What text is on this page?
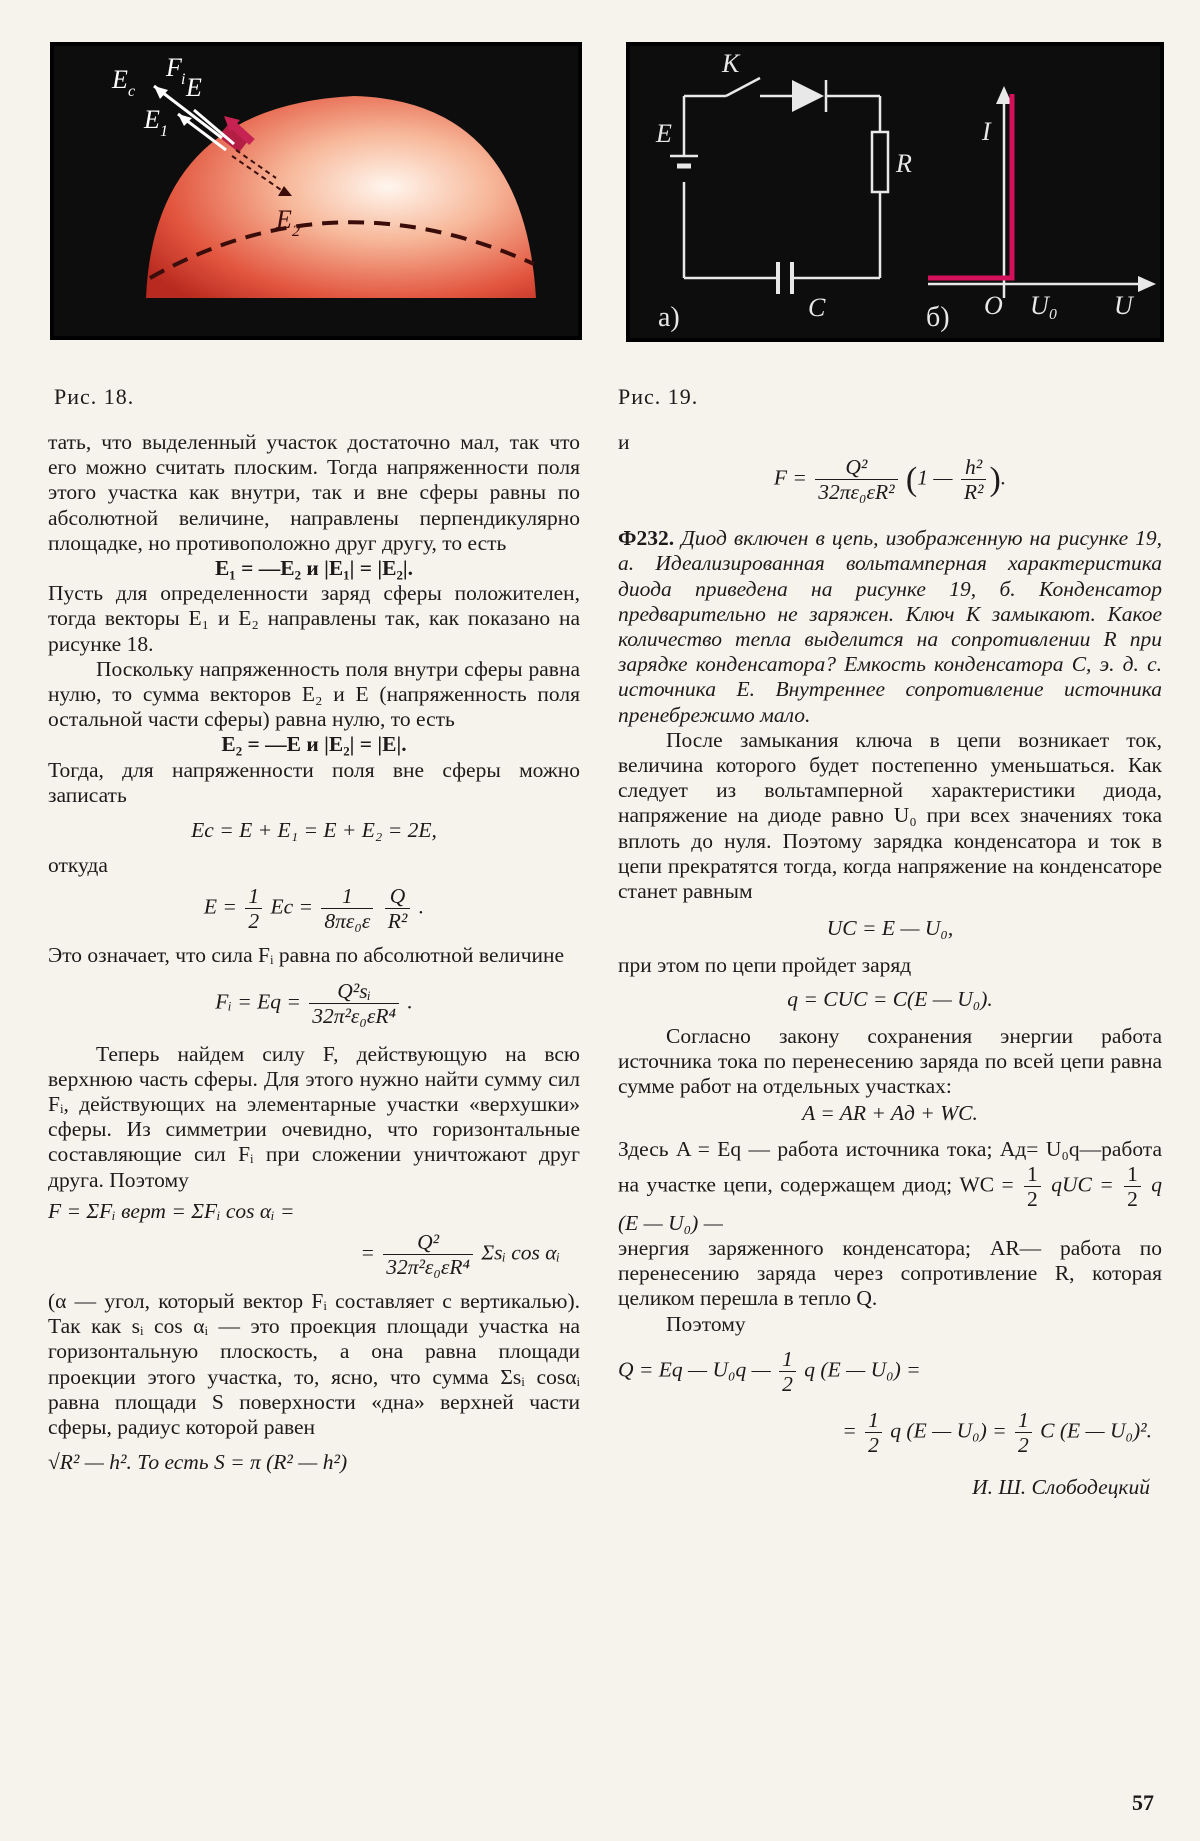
E c
F i E
E 1
E 2
Рис. 18.
K
E
R
C
I
O U₀ U
a)	б)
Рис. 19.

тать, что выделенный участок достаточно мал, так что его можно считать плоским. Тогда напряженности поля этого участка как внутри, так и вне сферы равны по абсолютной величине, направлены перпендикулярно площадке, но противоположно друг другу, то есть

E₁ = —E₂ и |E₁| = |E₂|.

Пусть для определенности заряд сферы положителен, тогда векторы E₁ и E₂ направлены так, как показано на рисунке 18.

Поскольку напряженность поля внутри сферы равна нулю, то сумма векторов E₂ и E (напряженность поля остальной части сферы) равна нулю, то есть

E₂ = —E и |E₂| = |E|.

Тогда, для напряженности поля вне сферы можно записать

Eс = E + E₁ = E + E₂ = 2E,

откуда

$E = \frac{1}{2}$ Eс = $\frac{1}{\text{8πε₀ε}}$
$\frac{Q}{\text{R²}}$ .

Это означает, что сила Fᵢ равна по абсолютной величине

Fᵢ = $Eq = \frac{\text{Q²sᵢ}}{\text{32π²ε₀εR⁴}}$ .

Теперь найдем силу F, действующую на всю верхнюю часть сферы. Для этого нужно найти сумму сил Fᵢ, действующих на элементарные участки «верхушки» сферы. Из симметрии очевидно, что горизонтальные составляющие сил Fᵢ при сложении уничтожают друг друга. Поэтому

F = ΣFᵢ верт = ΣFᵢ cos αᵢ =

= $\frac{\text{Q²}}{\text{32π²ε₀εR⁴}}$ Σsᵢ cos αᵢ

(α — угол, который вектор Fᵢ составляет с вертикалью). Так как sᵢ cos αᵢ — это проекция площади участка на горизонтальную плоскость, а она равна площади проекции этого участка, то, ясно, что сумма Σsᵢ cosαᵢ равна площади S поверхности «дна» верхней части сферы, радиус которой равен

√R² — h². То есть S = π (R² — h²)

и

$F = \frac{\text{Q²}}{\text{32πε₀εR²}} (1$ — $\frac{\text{h²}}{\text{R²}}$ ).

Ф232. Диод включен в цепь, изображенную на рисунке 19, а. Идеализированная вольтамперная характеристика диода приведена на рисунке 19, б. Конденсатор предварительно не заряжен. Ключ К замыкают. Какое количество тепла выделится на сопротивлении R при зарядке конденсатора? Емкость конденсатора C, э. д. с. источника E. Внутреннее сопротивление источника пренебрежимо мало.

После замыкания ключа в цепи возникает ток, величина которого будет постепенно уменьшаться. Как следует из вольтамперной характеристики диода, напряжение на диоде равно U₀ при всех значениях тока вплоть до нуля. Поэтому зарядка конденсатора и ток в цепи прекратятся тогда, когда напряжение на конденсаторе станет равным

UC = E — U₀,

при этом по цепи пройдет заряд

q = CUC = C(E — U₀).

Согласно закону сохранения энергии работа источника тока по перенесению заряда по всей цепи равна сумме работ на отдельных участках:

A = AR + Aд + WC.

Здесь A = Eq — работа источника тока; Aд= U₀q—работа на участке цепи, содержащем диод; WC = $\frac{1}{2}$ qUC = $\frac{1}{2}$ q (E — U₀) —

энергия заряженного конденсатора; AR— работа по перенесению заряда через сопротивление R, которая целиком перешла в тепло Q.

Поэтому

Q = Eq — U₀q — $\frac{1}{2}$ q (E — U₀) =
= $\frac{1}{2}$ q (E — $U_0) = \frac{1}{2}$ C (E — U₀)².

И. Ш. Слободецкий

57
